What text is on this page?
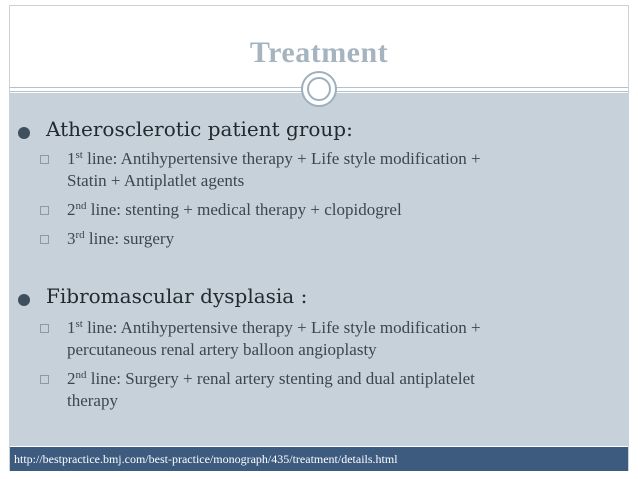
Treatment
Atherosclerotic patient group:
1st line: Antihypertensive therapy + Life style modification +
Statin + Antiplatlet agents
2nd line: stenting + medical therapy + clopidogrel
3rd line: surgery
Fibromascular dysplasia :
1st line: Antihypertensive therapy + Life style modification +
percutaneous renal artery balloon angioplasty
2nd line: Surgery + renal artery stenting and dual antiplatelet
therapy
http://bestpractice.bmj.com/best-practice/monograph/435/treatment/details.html
